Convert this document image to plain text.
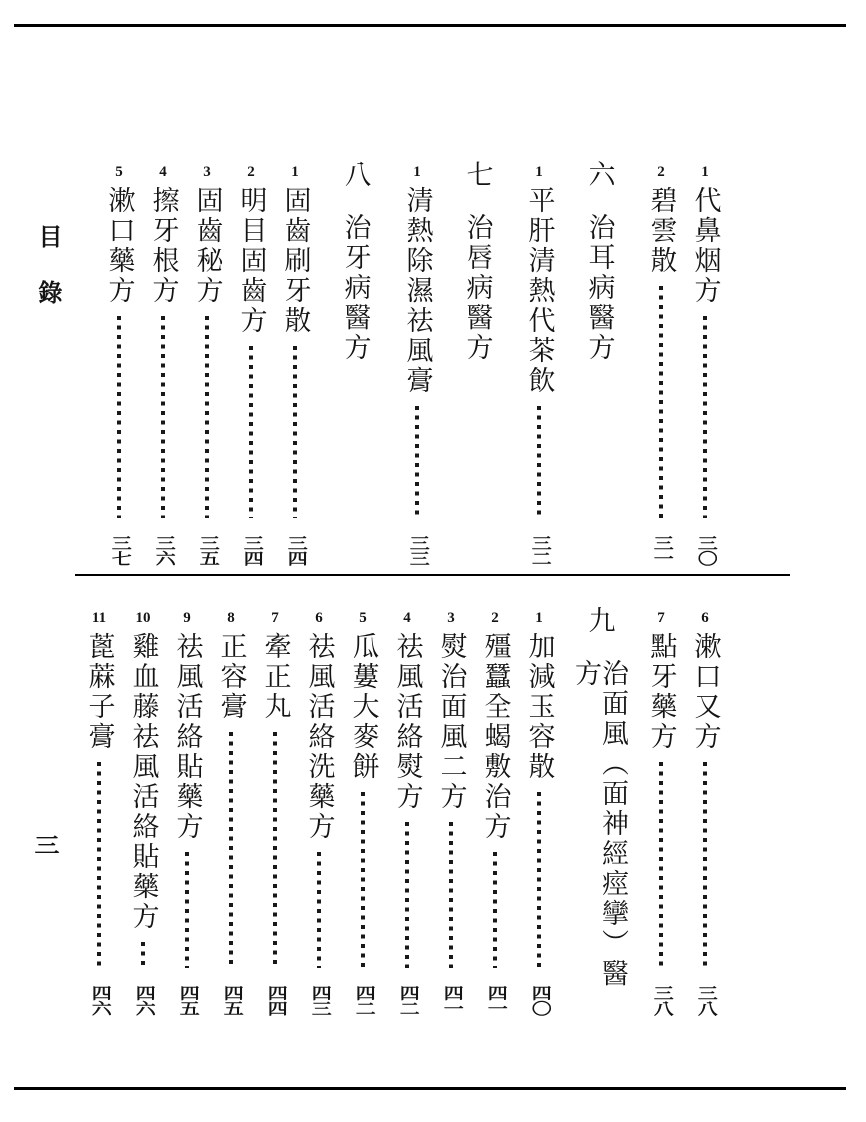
目錄
三
1
代鼻烟方
三〇
2
碧雲散
三一
六
治耳病醫方
1
平肝清熱代茶飲
三二
七
治唇病醫方
1
清熱除濕祛風膏
三三
八
治牙病醫方
1
固齒刷牙散
三四
2
明目固齒方
三四
3
固齒秘方
三五
4
擦牙根方
三六
5
漱口藥方
三七
6
漱口又方
三八
7
點牙藥方
三八
九
治面風（面神經痙攣）醫方
1
加減玉容散
四〇
2
殭蠶全蝎敷治方
四一
3
熨治面風二方
四一
4
祛風活絡熨方
四二
5
瓜蔞大麥餅
四二
6
祛風活絡洗藥方
四三
7
牽正丸
四四
8
正容膏
四五
9
祛風活絡貼藥方
四五
10
雞血藤祛風活絡貼藥方
四六
11
蓖蔴子膏
四六
